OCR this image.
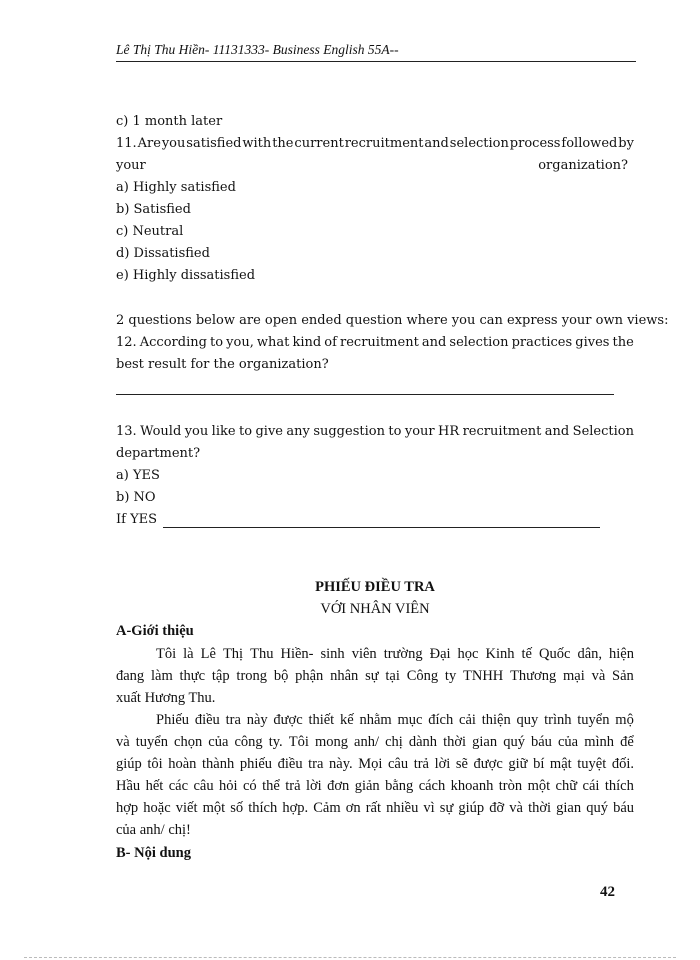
Lê Thị Thu Hiền- 11131333- Business English 55A--
c) 1 month later
11. Are you satisfied with the current recruitment and selection process followed by
your	organization?
a) Highly satisfied
b) Satisfied
c) Neutral
d) Dissatisfied
e) Highly dissatisfied
2 questions below are open ended question where you can express your own views:
12. According to you, what kind of recruitment and selection practices gives the
best result for the organization?
13. Would you like to give any suggestion to your HR recruitment and Selection
department?
a) YES
b) NO
If YES
PHIẾU ĐIỀU TRA
VỚI NHÂN VIÊN
A-Giới thiệu
Tôi là Lê Thị Thu Hiền- sinh viên trường Đại học Kinh tế Quốc dân, hiện
đang làm thực tập trong bộ phận nhân sự tại Công ty TNHH Thương mại và Sản
xuất Hương Thu.
Phiếu điều tra này được thiết kế nhằm mục đích cải thiện quy trình tuyển mộ
và tuyển chọn của công ty. Tôi mong anh/ chị dành thời gian quý báu của mình để
giúp tôi hoàn thành phiếu điều tra này. Mọi câu trả lời sẽ được giữ bí mật tuyệt đối.
Hầu hết các câu hỏi có thể trả lời đơn giản bằng cách khoanh tròn một chữ cái thích
hợp hoặc viết một số thích hợp. Cảm ơn rất nhiều vì sự giúp đỡ và thời gian quý báu
của anh/ chị!
B- Nội dung
42
